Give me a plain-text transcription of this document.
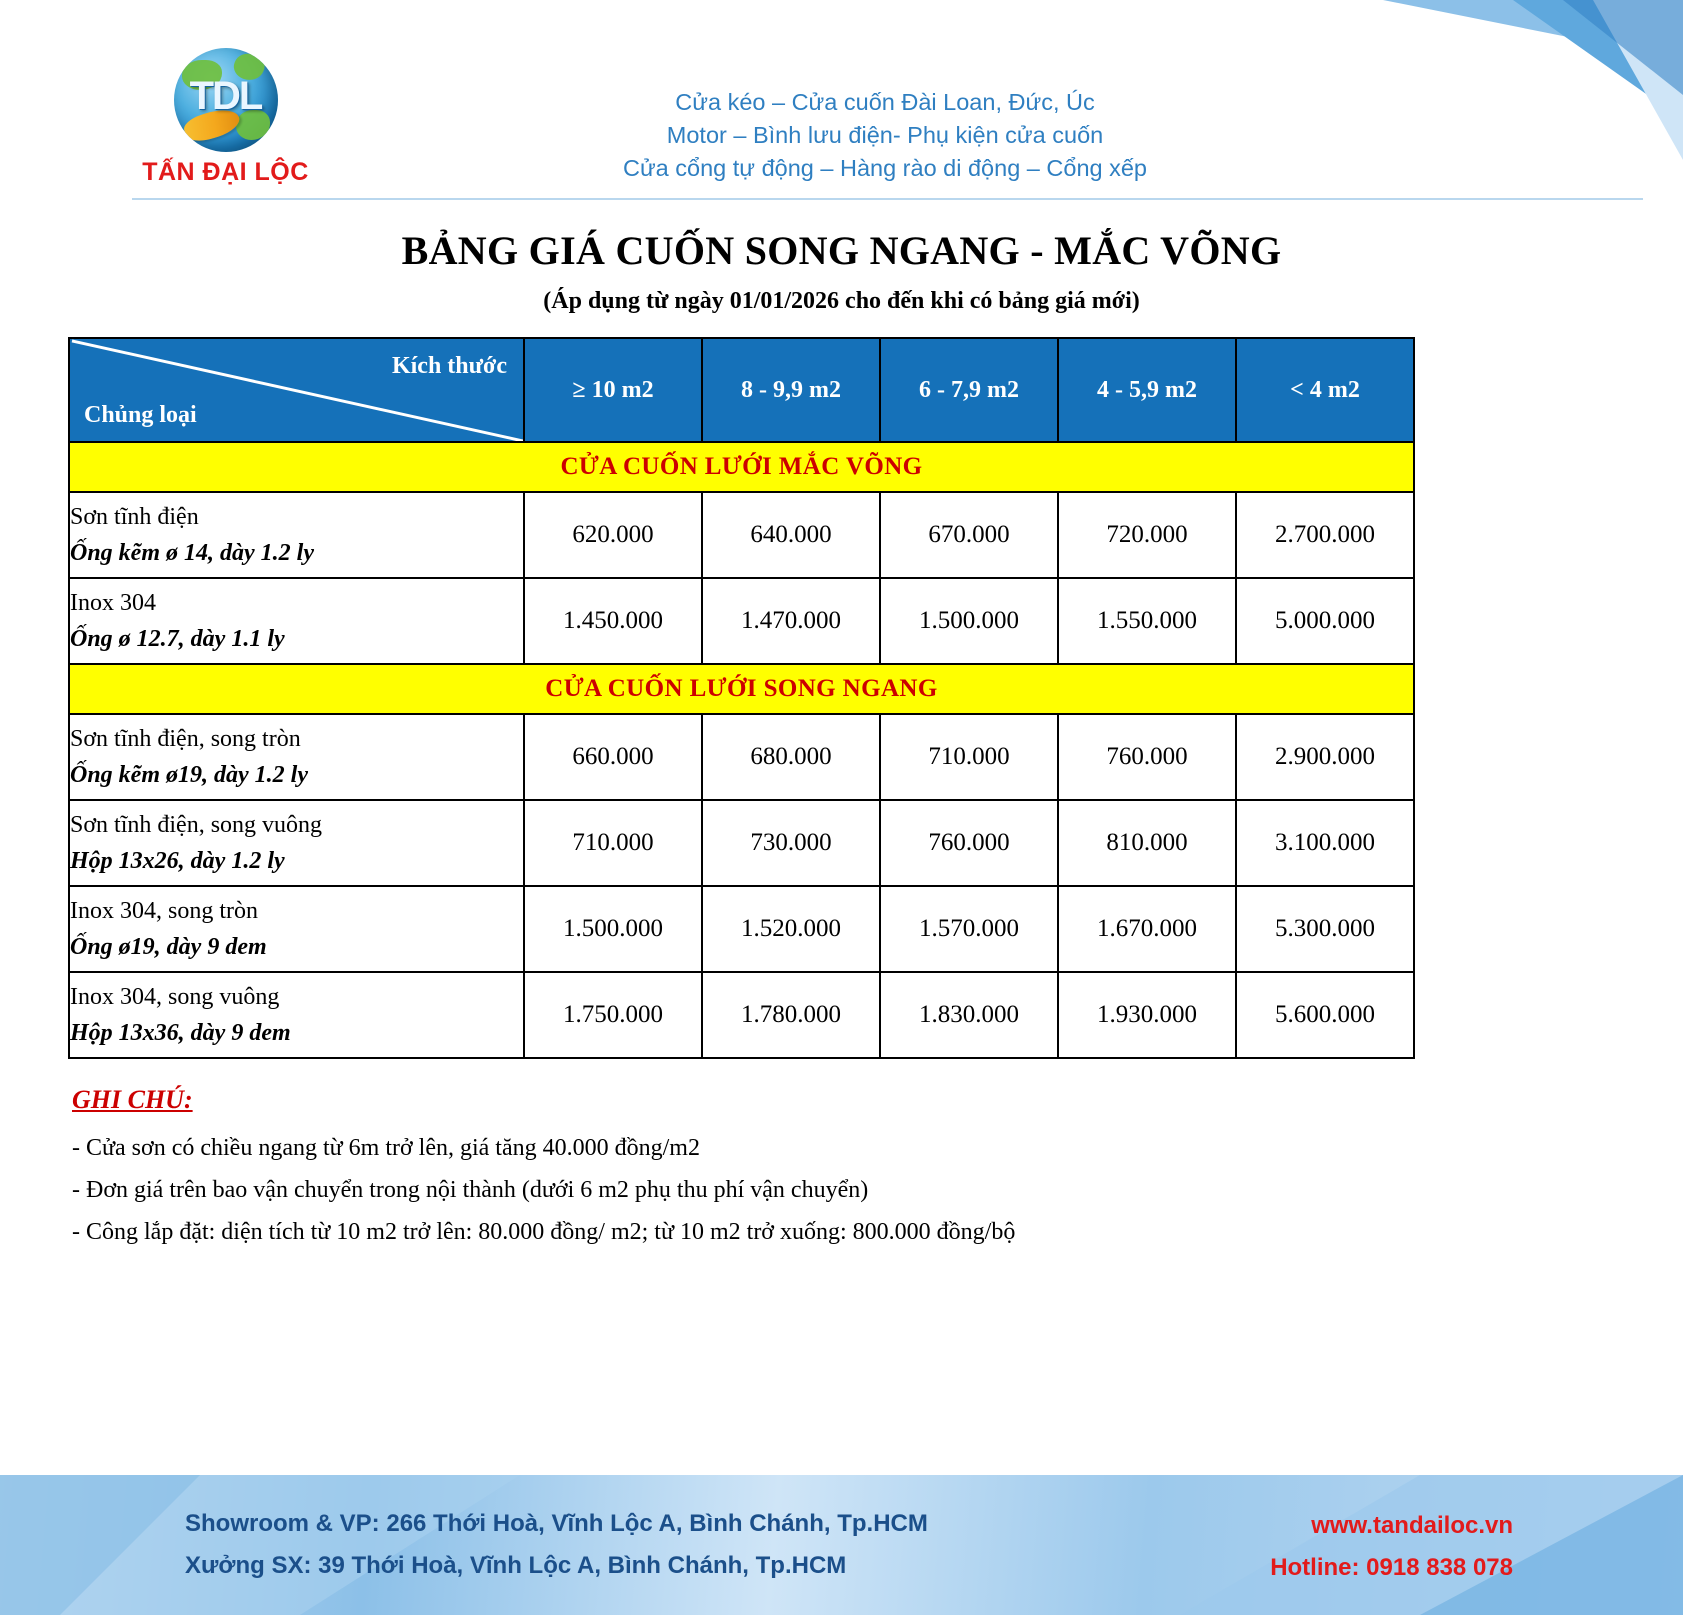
TDL
TẤN ĐẠI LỘC
Cửa kéo – Cửa cuốn Đài Loan, Đức, Úc
Motor – Bình lưu điện- Phụ kiện cửa cuốn
Cửa cổng tự động – Hàng rào di động – Cổng xếp
BẢNG GIÁ CUỐN SONG NGANG - MẮC VÕNG
(Áp dụng từ ngày 01/01/2026 cho đến khi có bảng giá mới)
Kích thước
Chủng loại	≥ 10 m2	8 - 9,9 m2	6 - 7,9 m2	4 - 5,9 m2	< 4 m2
CỬA CUỐN LƯỚI MẮC VÕNG					

Sơn tĩnh điện
Ống kẽm ø 14, dày 1.2 ly	620.000	640.000	670.000	720.000	2.700.000

Inox 304
Ống ø 12.7, dày 1.1 ly	1.450.000	1.470.000	1.500.000	1.550.000	5.000.000
CỬA CUỐN LƯỚI SONG NGANG					

Sơn tĩnh điện, song tròn
Ống kẽm ø19, dày 1.2 ly	660.000	680.000	710.000	760.000	2.900.000

Sơn tĩnh điện, song vuông
Hộp 13x26, dày 1.2 ly	710.000	730.000	760.000	810.000	3.100.000

Inox 304, song tròn
Ống ø19, dày 9 dem	1.500.000	1.520.000	1.570.000	1.670.000	5.300.000

Inox 304, song vuông
Hộp 13x36, dày 9 dem	1.750.000	1.780.000	1.830.000	1.930.000	5.600.000
GHI CHÚ:
- Cửa sơn có chiều ngang từ 6m trở lên, giá tăng 40.000 đồng/m2
- Đơn giá trên bao vận chuyển trong nội thành (dưới 6 m2 phụ thu phí vận chuyển)
- Công lắp đặt: diện tích từ 10 m2 trở lên: 80.000 đồng/ m2; từ 10 m2 trở xuống: 800.000 đồng/bộ
Showroom & VP: 266 Thới Hoà, Vĩnh Lộc A, Bình Chánh, Tp.HCM
Xưởng SX: 39 Thới Hoà, Vĩnh Lộc A, Bình Chánh, Tp.HCM
www.tandailoc.vn
Hotline: 0918 838 078
